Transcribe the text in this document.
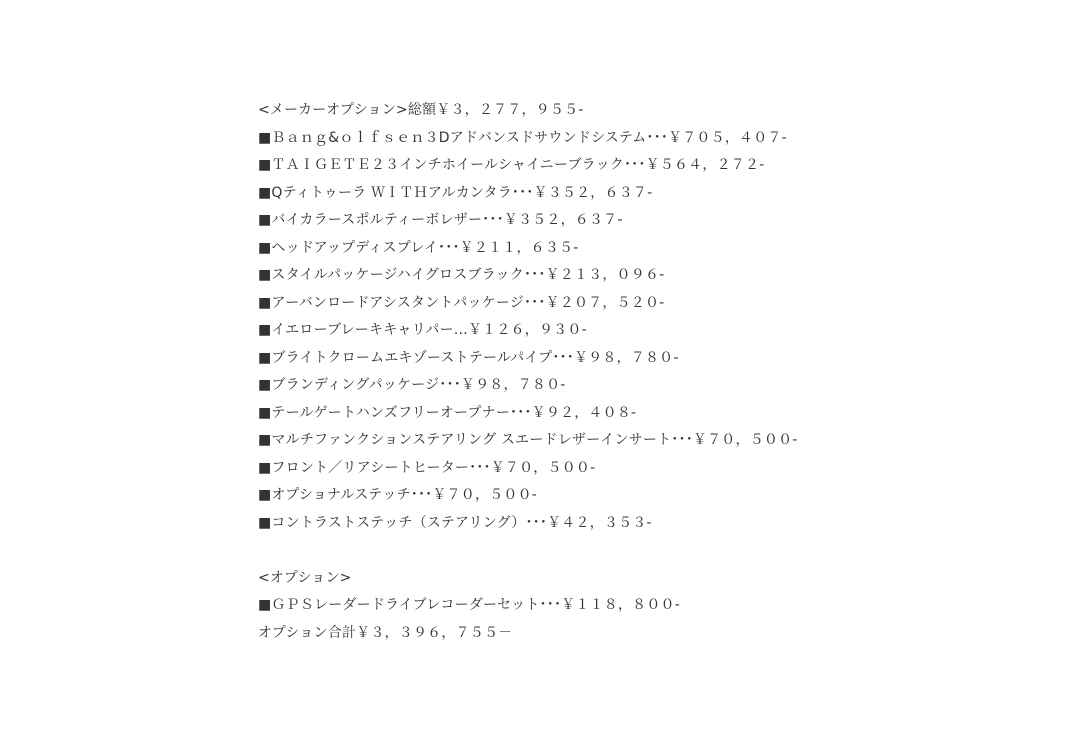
<メーカーオプション>総額￥３，２７７，９５５-
■Ｂａｎｇ&ｏｌｆｓｅｎ３Dアドバンスドサウンドシステム･･･￥７０５，４０７-
■ＴＡＩＧＥＴＥ２３インチホイールシャイニーブラック･･･￥５６４，２７２-
■Qティトゥーラ ＷＩＴＨアルカンタラ･･･￥３５２，６３７-
■バイカラースポルティーボレザー･･･￥３５２，６３７-
■ヘッドアップディスプレイ･･･￥２１１，６３５-
■スタイルパッケージハイグロスブラック･･･￥２１３，０９６-
■アーバンロードアシスタントパッケージ･･･￥２０７，５２０-
■イエローブレーキキャリパー…￥１２６，９３０-
■ブライトクロームエキゾーストテールパイプ･･･￥９８，７８０-
■ブランディングパッケージ･･･￥９８，７８０-
■テールゲートハンズフリーオープナー･･･￥９２，４０８-
■マルチファンクションステアリング スエードレザーインサート･･･￥７０，５００-
■フロント／リアシートヒーター･･･￥７０，５００-
■オプショナルステッチ･･･￥７０，５００-
■コントラストステッチ（ステアリング）･･･￥４２，３５３-
<オプション>
■ＧＰＳレーダードライブレコーダーセット･･･￥１１８，８００-
オプション合計￥３，３９６，７５５－
